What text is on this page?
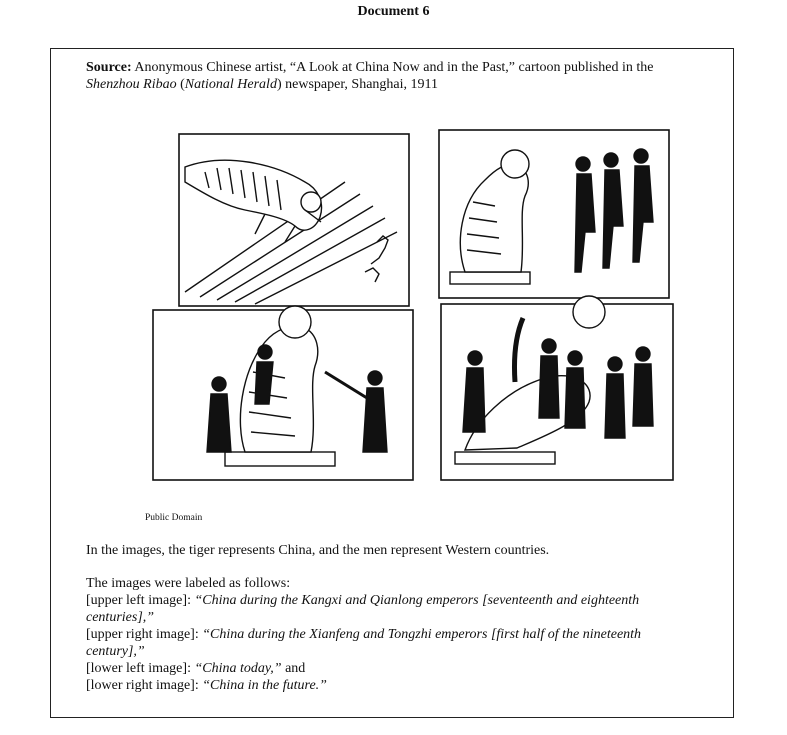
Document 6
Source: Anonymous Chinese artist, “A Look at China Now and in the Past,” cartoon published in the Shenzhou Ribao (National Herald) newspaper, Shanghai, 1911
Public Domain
In the images, the tiger represents China, and the men represent Western countries.
The images were labeled as follows:
[upper left image]: “China during the Kangxi and Qianlong emperors [seventeenth and eighteenth centuries],”
[upper right image]: “China during the Xianfeng and Tongzhi emperors [first half of the nineteenth century],”
[lower left image]: “China today,” and
[lower right image]: “China in the future.”
